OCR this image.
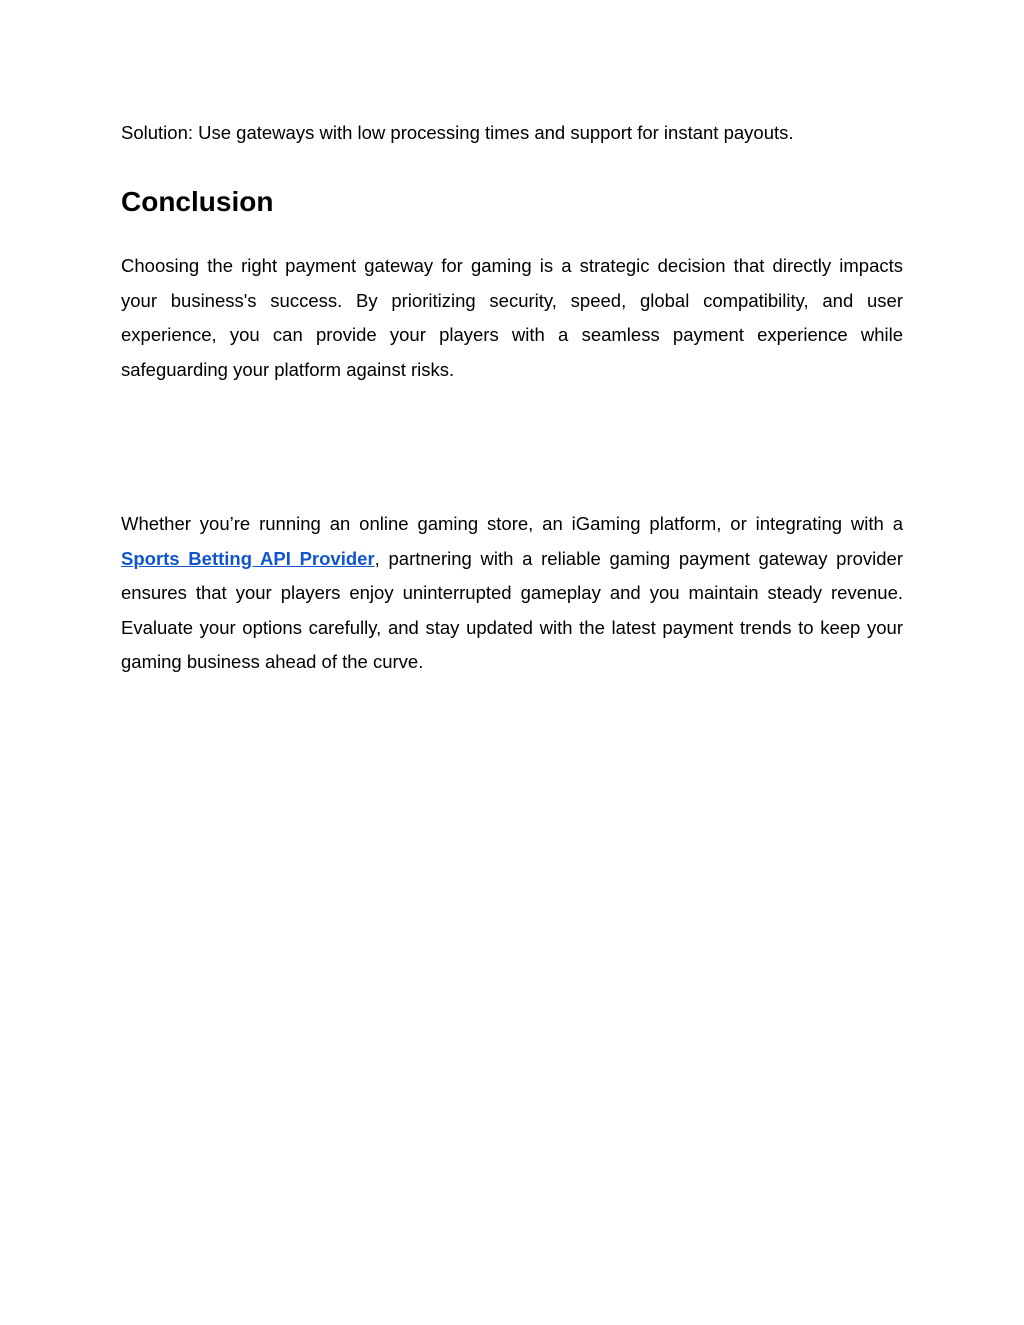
Solution: Use gateways with low processing times and support for instant payouts.

Conclusion

Choosing the right payment gateway for gaming is a strategic decision that directly impacts your business's success. By prioritizing security, speed, global compatibility, and user experience, you can provide your players with a seamless payment experience while safeguarding your platform against risks.

Whether you’re running an online gaming store, an iGaming platform, or integrating with a Sports Betting API Provider, partnering with a reliable gaming payment gateway provider ensures that your players enjoy uninterrupted gameplay and you maintain steady revenue. Evaluate your options carefully, and stay updated with the latest payment trends to keep your gaming business ahead of the curve.
